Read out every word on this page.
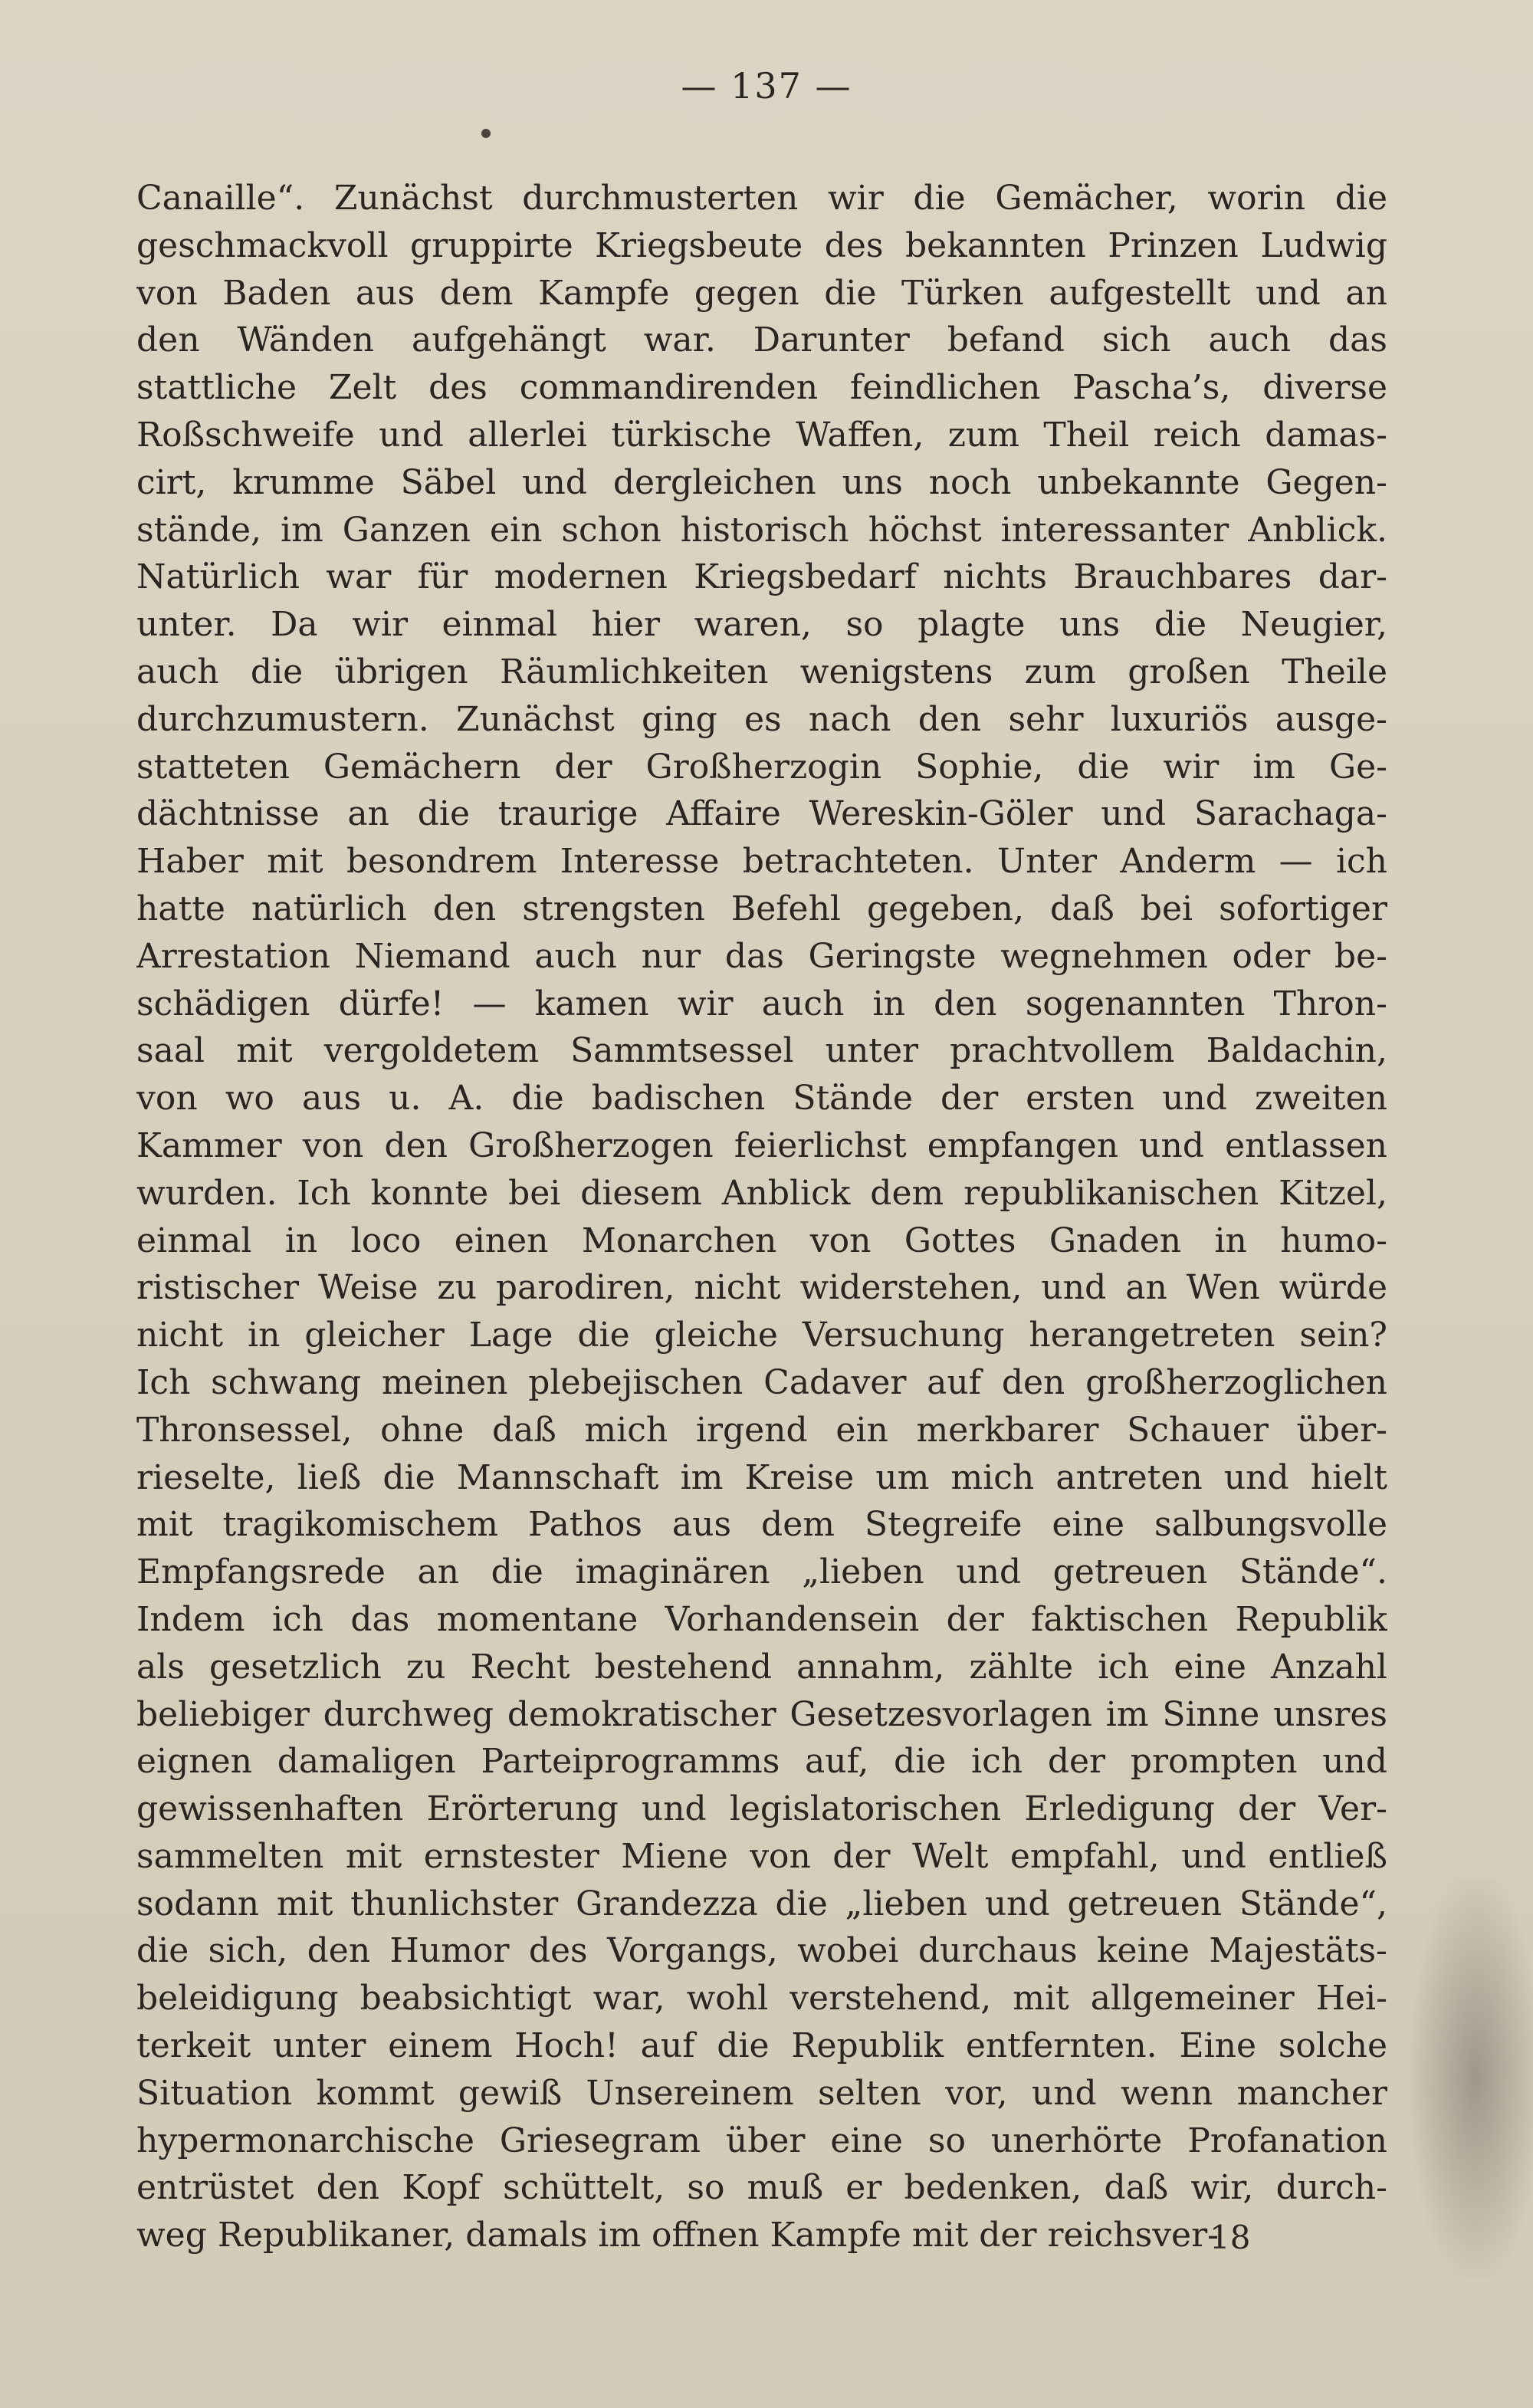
— 137 —
Canaille“. Zunächst durchmusterten wir die Gemächer, worin die
geschmackvoll gruppirte Kriegsbeute des bekannten Prinzen Ludwig
von Baden aus dem Kampfe gegen die Türken aufgestellt und an
den Wänden aufgehängt war. Darunter befand sich auch das
stattliche Zelt des commandirenden feindlichen Pascha’s, diverse
Roßschweife und allerlei türkische Waffen, zum Theil reich damas-
cirt, krumme Säbel und dergleichen uns noch unbekannte Gegen-
stände, im Ganzen ein schon historisch höchst interessanter Anblick.
Natürlich war für modernen Kriegsbedarf nichts Brauchbares dar-
unter. Da wir einmal hier waren, so plagte uns die Neugier,
auch die übrigen Räumlichkeiten wenigstens zum großen Theile
durchzumustern. Zunächst ging es nach den sehr luxuriös ausge-
statteten Gemächern der Großherzogin Sophie, die wir im Ge-
dächtnisse an die traurige Affaire Wereskin-Göler und Sarachaga-
Haber mit besondrem Interesse betrachteten. Unter Anderm — ich
hatte natürlich den strengsten Befehl gegeben, daß bei sofortiger
Arrestation Niemand auch nur das Geringste wegnehmen oder be-
schädigen dürfe! — kamen wir auch in den sogenannten Thron-
saal mit vergoldetem Sammtsessel unter prachtvollem Baldachin,
von wo aus u. A. die badischen Stände der ersten und zweiten
Kammer von den Großherzogen feierlichst empfangen und entlassen
wurden. Ich konnte bei diesem Anblick dem republikanischen Kitzel,
einmal in loco einen Monarchen von Gottes Gnaden in humo-
ristischer Weise zu parodiren, nicht widerstehen, und an Wen würde
nicht in gleicher Lage die gleiche Versuchung herangetreten sein?
Ich schwang meinen plebejischen Cadaver auf den großherzoglichen
Thronsessel, ohne daß mich irgend ein merkbarer Schauer über-
rieselte, ließ die Mannschaft im Kreise um mich antreten und hielt
mit tragikomischem Pathos aus dem Stegreife eine salbungsvolle
Empfangsrede an die imaginären „lieben und getreuen Stände“.
Indem ich das momentane Vorhandensein der faktischen Republik
als gesetzlich zu Recht bestehend annahm, zählte ich eine Anzahl
beliebiger durchweg demokratischer Gesetzesvorlagen im Sinne unsres
eignen damaligen Parteiprogramms auf, die ich der prompten und
gewissenhaften Erörterung und legislatorischen Erledigung der Ver-
sammelten mit ernstester Miene von der Welt empfahl, und entließ
sodann mit thunlichster Grandezza die „lieben und getreuen Stände“,
die sich, den Humor des Vorgangs, wobei durchaus keine Majestäts-
beleidigung beabsichtigt war, wohl verstehend, mit allgemeiner Hei-
terkeit unter einem Hoch! auf die Republik entfernten. Eine solche
Situation kommt gewiß Unsereinem selten vor, und wenn mancher
hypermonarchische Griesegram über eine so unerhörte Profanation
entrüstet den Kopf schüttelt, so muß er bedenken, daß wir, durch-
weg Republikaner, damals im offnen Kampfe mit der reichsver-
18
